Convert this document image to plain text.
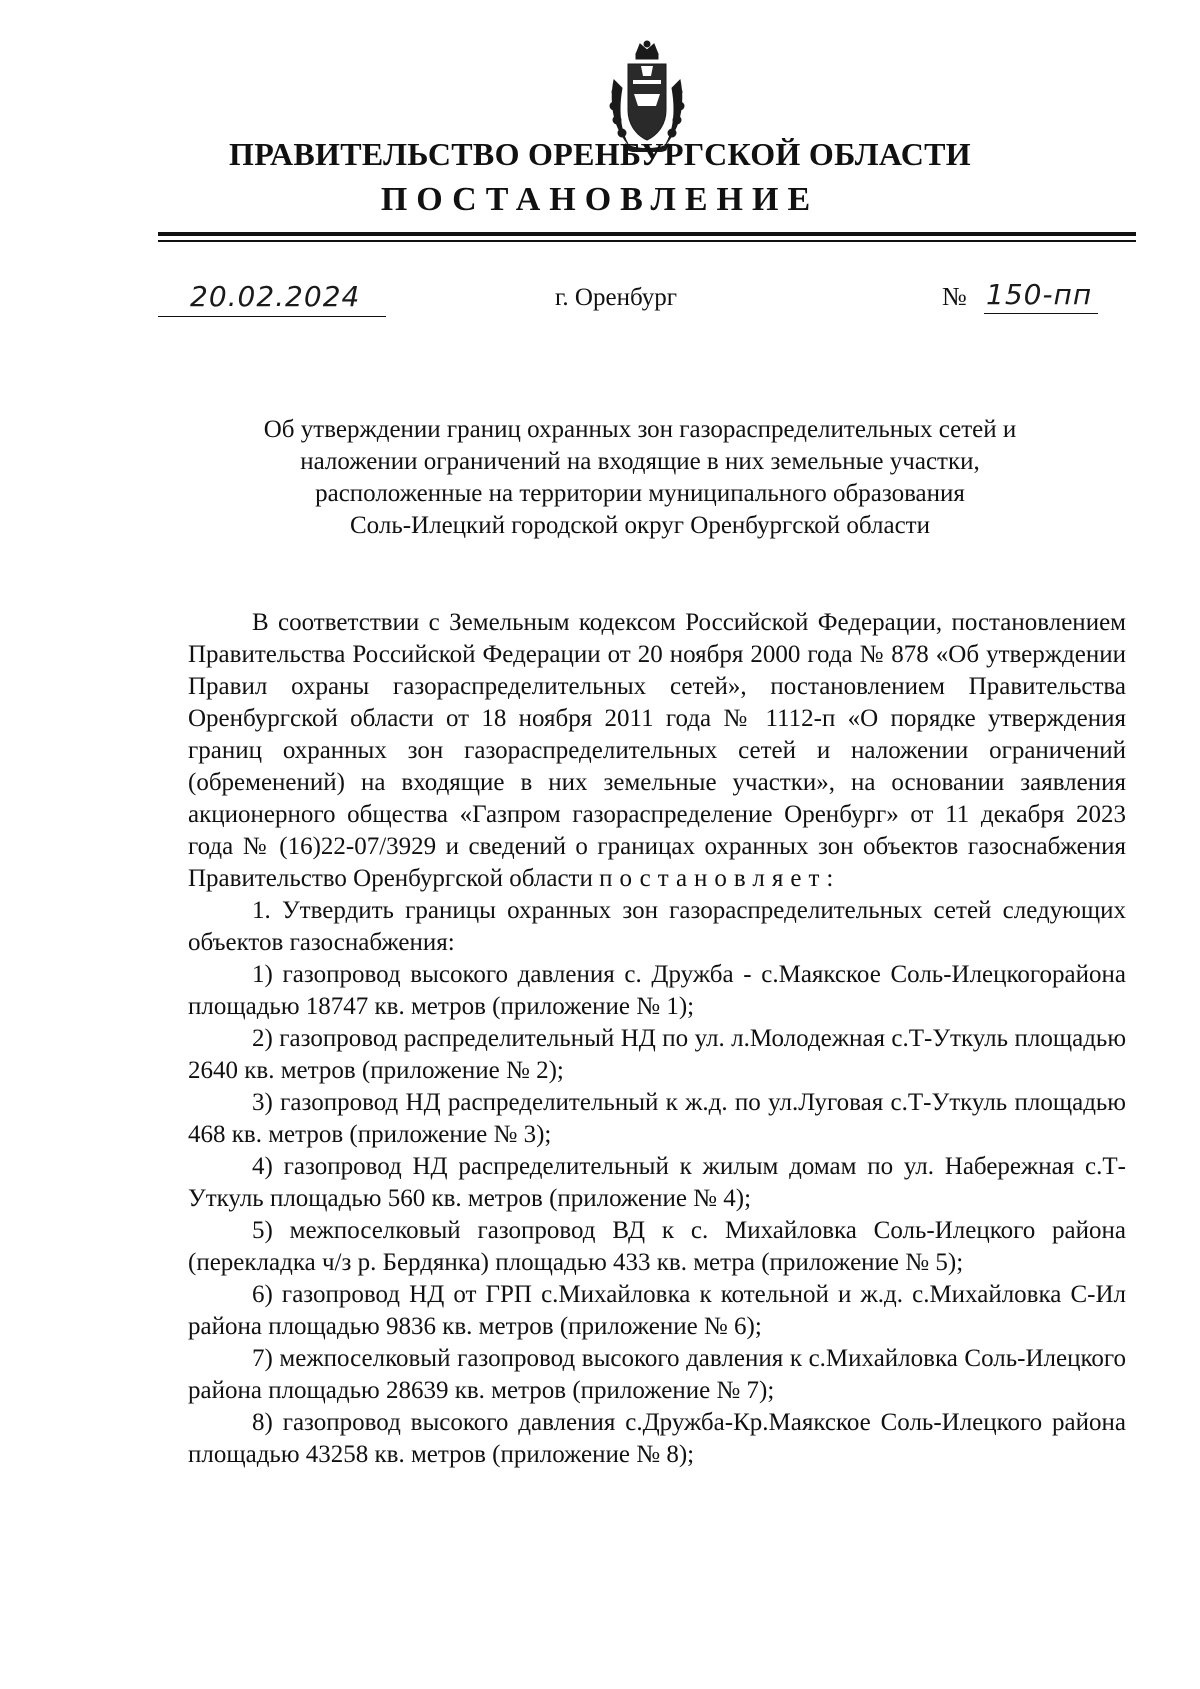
ПРАВИТЕЛЬСТВО ОРЕНБУРГСКОЙ ОБЛАСТИ
ПОСТАНОВЛЕНИЕ
20.02.2024	г. Оренбург	№ 150-пп
Об утверждении границ охранных зон газораспределительных сетей и
наложении ограничений на входящие в них земельные участки,
расположенные на территории муниципального образования
Соль-Илецкий городской округ Оренбургской области

В соответствии с Земельным кодексом Российской Федерации, постановлением Правительства Российской Федерации от 20 ноября 2000 года № 878 «Об утверждении Правил охраны газораспределительных сетей», постановлением Правительства Оренбургской области от 18 ноября 2011 года № 1112-п «О порядке утверждения границ охранных зон газораспределительных сетей и наложении ограничений (обременений) на входящие в них земельные участки», на основании заявления акционерного общества «Газпром газораспределение Оренбург» от 11 декабря 2023 года № (16)22-07/3929 и сведений о границах охранных зон объектов газоснабжения Правительство Оренбургской области постановляет:

1. Утвердить границы охранных зон газораспределительных сетей следующих объектов газоснабжения:

1) газопровод высокого давления с. Дружба - с.Маякское Соль-Илецкогорайона площадью 18747 кв. метров (приложение № 1);

2) газопровод распределительный НД по ул. л.Молодежная с.Т-Уткуль площадью 2640 кв. метров (приложение № 2);

3) газопровод НД распределительный к ж.д. по ул.Луговая с.Т-Уткуль площадью 468 кв. метров (приложение № 3);

4) газопровод НД распределительный к жилым домам по ул. Набережная с.Т-Уткуль площадью 560 кв. метров (приложение № 4);

5) межпоселковый газопровод ВД к с. Михайловка Соль-Илецкого района (перекладка ч/з р. Бердянка) площадью 433 кв. метра (приложение № 5);

6) газопровод НД от ГРП с.Михайловка к котельной и ж.д. с.Михайловка С-Ил района площадью 9836 кв. метров (приложение № 6);

7) межпоселковый газопровод высокого давления к с.Михайловка Соль-Илецкого района площадью 28639 кв. метров (приложение № 7);

8) газопровод высокого давления с.Дружба-Кр.Маякское Соль-Илецкого района площадью 43258 кв. метров (приложение № 8);
